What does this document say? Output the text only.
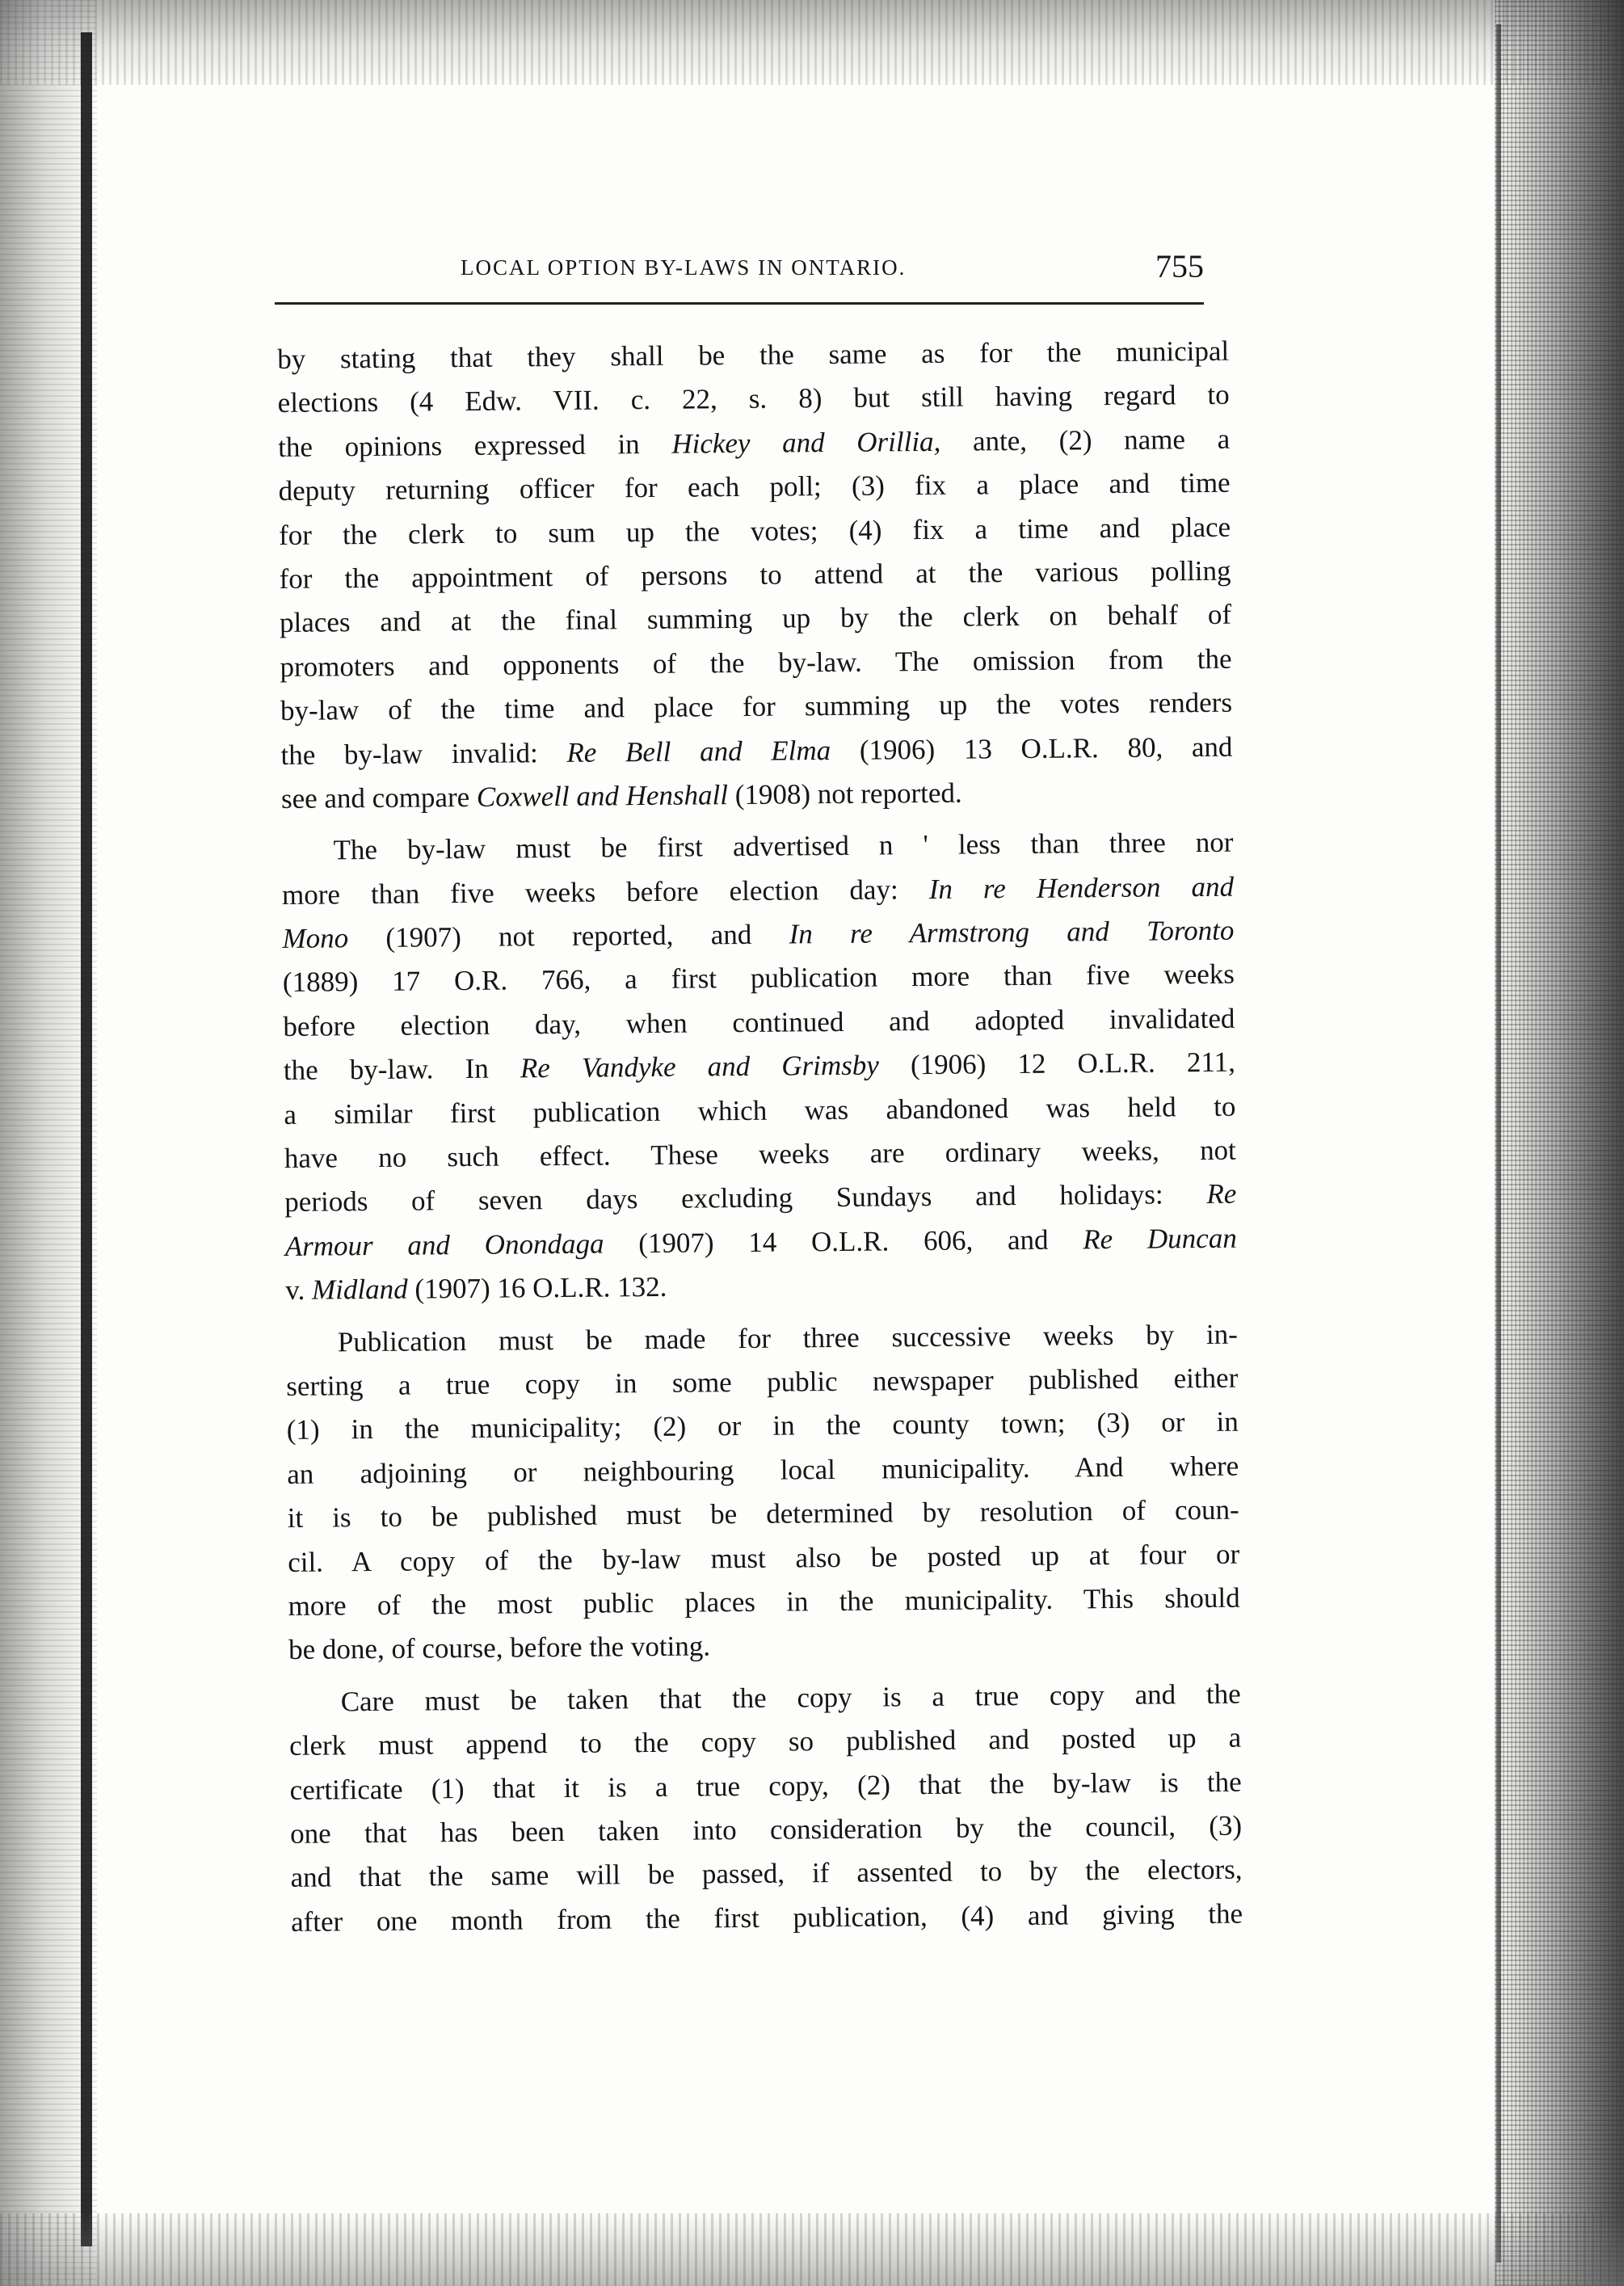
LOCAL OPTION BY-LAWS IN ONTARIO.	755
by stating that they shall be the same as for the municipal
elections (4 Edw. VII. c. 22, s. 8) but still having regard to
the opinions expressed in Hickey and Orillia, ante, (2) name a
deputy returning officer for each poll; (3) fix a place and time
for the clerk to sum up the votes; (4) fix a time and place
for the appointment of persons to attend at the various polling
places and at the final summing up by the clerk on behalf of
promoters and opponents of the by-law. The omission from the
by-law of the time and place for summing up the votes renders
the by-law invalid: Re Bell and Elma (1906) 13 O.L.R. 80, and
see and compare Coxwell and Henshall (1908) not reported.
The by-law must be first advertised n ' less than three nor
more than five weeks before election day: In re Henderson and
Mono (1907) not reported, and In re Armstrong and Toronto
(1889) 17 O.R. 766, a first publication more than five weeks
before election day, when continued and adopted invalidated
the by-law. In Re Vandyke and Grimsby (1906) 12 O.L.R. 211,
a similar first publication which was abandoned was held to
have no such effect. These weeks are ordinary weeks, not
periods of seven days excluding Sundays and holidays: Re
Armour and Onondaga (1907) 14 O.L.R. 606, and Re Duncan
v. Midland (1907) 16 O.L.R. 132.
Publication must be made for three successive weeks by in-
serting a true copy in some public newspaper published either
(1) in the municipality; (2) or in the county town; (3) or in
an adjoining or neighbouring local municipality. And where
it is to be published must be determined by resolution of coun-
cil. A copy of the by-law must also be posted up at four or
more of the most public places in the municipality. This should
be done, of course, before the voting.
Care must be taken that the copy is a true copy and the
clerk must append to the copy so published and posted up a
certificate (1) that it is a true copy, (2) that the by-law is the
one that has been taken into consideration by the council, (3)
and that the same will be passed, if assented to by the electors,
after one month from the first publication, (4) and giving the
